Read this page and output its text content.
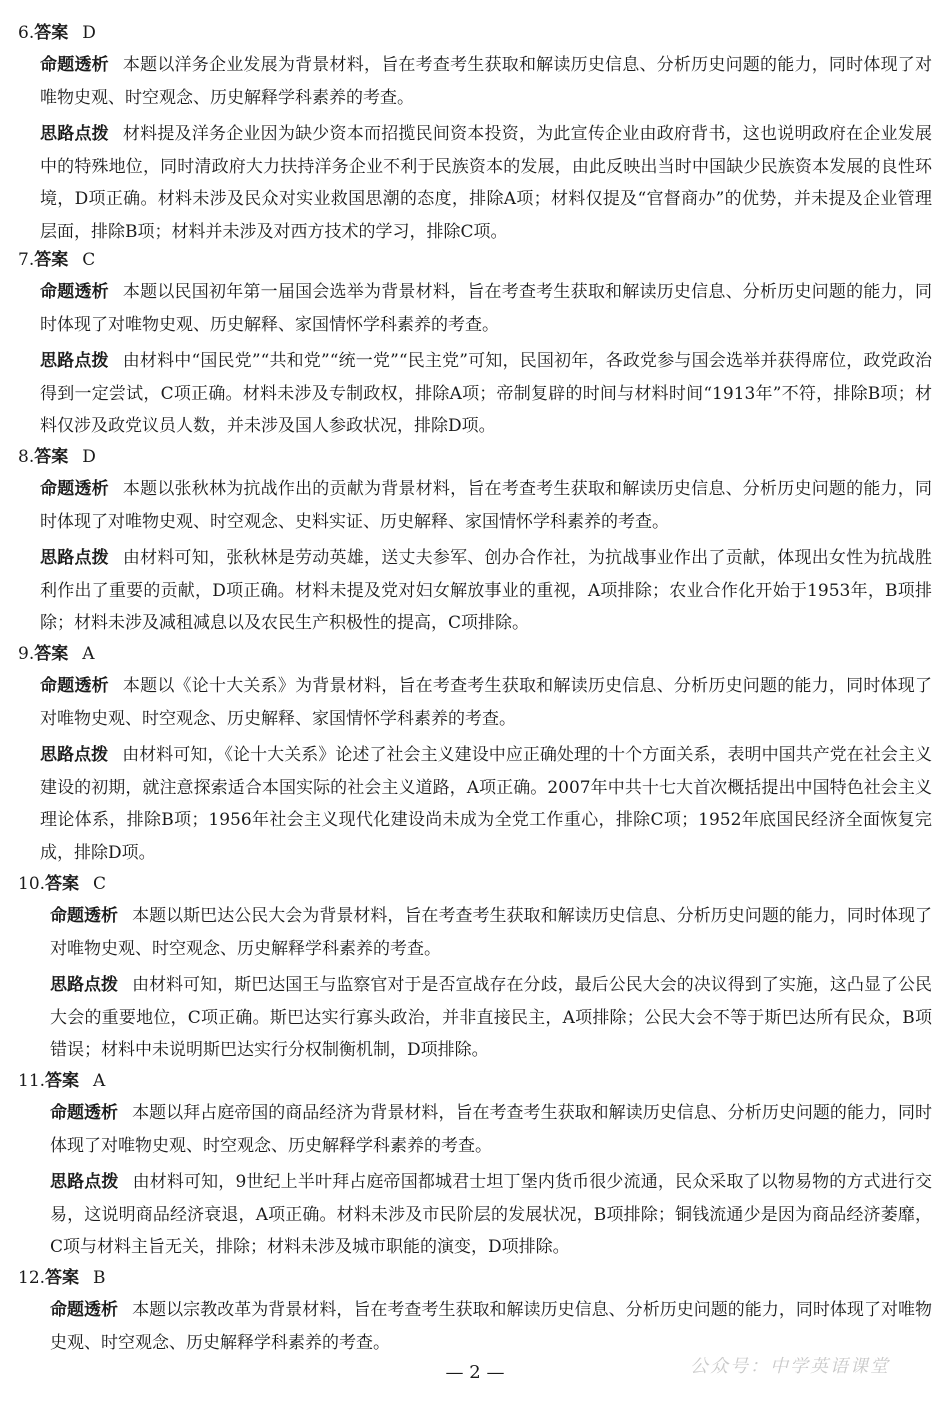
6.答案 D

命题透析 本题以洋务企业发展为背景材料，旨在考查考生获取和解读历史信息、分析历史问题的能力，同时体现了对唯物史观、时空观念、历史解释学科素养的考查。

思路点拨 材料提及洋务企业因为缺少资本而招揽民间资本投资，为此宣传企业由政府背书，这也说明政府在企业发展中的特殊地位，同时清政府大力扶持洋务企业不利于民族资本的发展，由此反映出当时中国缺少民族资本发展的良性环境，D项正确。材料未涉及民众对实业救国思潮的态度，排除A项；材料仅提及“官督商办”的优势，并未提及企业管理层面，排除B项；材料并未涉及对西方技术的学习，排除C项。

7.答案 C

命题透析 本题以民国初年第一届国会选举为背景材料，旨在考查考生获取和解读历史信息、分析历史问题的能力，同时体现了对唯物史观、历史解释、家国情怀学科素养的考查。

思路点拨 由材料中“国民党”“共和党”“统一党”“民主党”可知，民国初年，各政党参与国会选举并获得席位，政党政治得到一定尝试，C项正确。材料未涉及专制政权，排除A项；帝制复辟的时间与材料时间“1913年”不符，排除B项；材料仅涉及政党议员人数，并未涉及国人参政状况，排除D项。

8.答案 D

命题透析 本题以张秋林为抗战作出的贡献为背景材料，旨在考查考生获取和解读历史信息、分析历史问题的能力，同时体现了对唯物史观、时空观念、史料实证、历史解释、家国情怀学科素养的考查。

思路点拨 由材料可知，张秋林是劳动英雄，送丈夫参军、创办合作社，为抗战事业作出了贡献，体现出女性为抗战胜利作出了重要的贡献，D项正确。材料未提及党对妇女解放事业的重视，A项排除；农业合作化开始于1953年，B项排除；材料未涉及减租减息以及农民生产积极性的提高，C项排除。

9.答案 A

命题透析 本题以《论十大关系》为背景材料，旨在考查考生获取和解读历史信息、分析历史问题的能力，同时体现了对唯物史观、时空观念、历史解释、家国情怀学科素养的考查。

思路点拨 由材料可知，《论十大关系》论述了社会主义建设中应正确处理的十个方面关系，表明中国共产党在社会主义建设的初期，就注意探索适合本国实际的社会主义道路，A项正确。2007年中共十七大首次概括提出中国特色社会主义理论体系，排除B项；1956年社会主义现代化建设尚未成为全党工作重心，排除C项；1952年底国民经济全面恢复完成，排除D项。

10.答案 C

命题透析 本题以斯巴达公民大会为背景材料，旨在考查考生获取和解读历史信息、分析历史问题的能力，同时体现了对唯物史观、时空观念、历史解释学科素养的考查。

思路点拨 由材料可知，斯巴达国王与监察官对于是否宣战存在分歧，最后公民大会的决议得到了实施，这凸显了公民大会的重要地位，C项正确。斯巴达实行寡头政治，并非直接民主，A项排除；公民大会不等于斯巴达所有民众，B项错误；材料中未说明斯巴达实行分权制衡机制，D项排除。

11.答案 A

命题透析 本题以拜占庭帝国的商品经济为背景材料，旨在考查考生获取和解读历史信息、分析历史问题的能力，同时体现了对唯物史观、时空观念、历史解释学科素养的考查。

思路点拨 由材料可知，9世纪上半叶拜占庭帝国都城君士坦丁堡内货币很少流通，民众采取了以物易物的方式进行交易，这说明商品经济衰退，A项正确。材料未涉及市民阶层的发展状况，B项排除；铜钱流通少是因为商品经济萎靡，C项与材料主旨无关，排除；材料未涉及城市职能的演变，D项排除。

12.答案 B

命题透析 本题以宗教改革为背景材料，旨在考查考生获取和解读历史信息、分析历史问题的能力，同时体现了对唯物史观、时空观念、历史解释学科素养的考查。

— 2 —	公众号：中学英语课堂
